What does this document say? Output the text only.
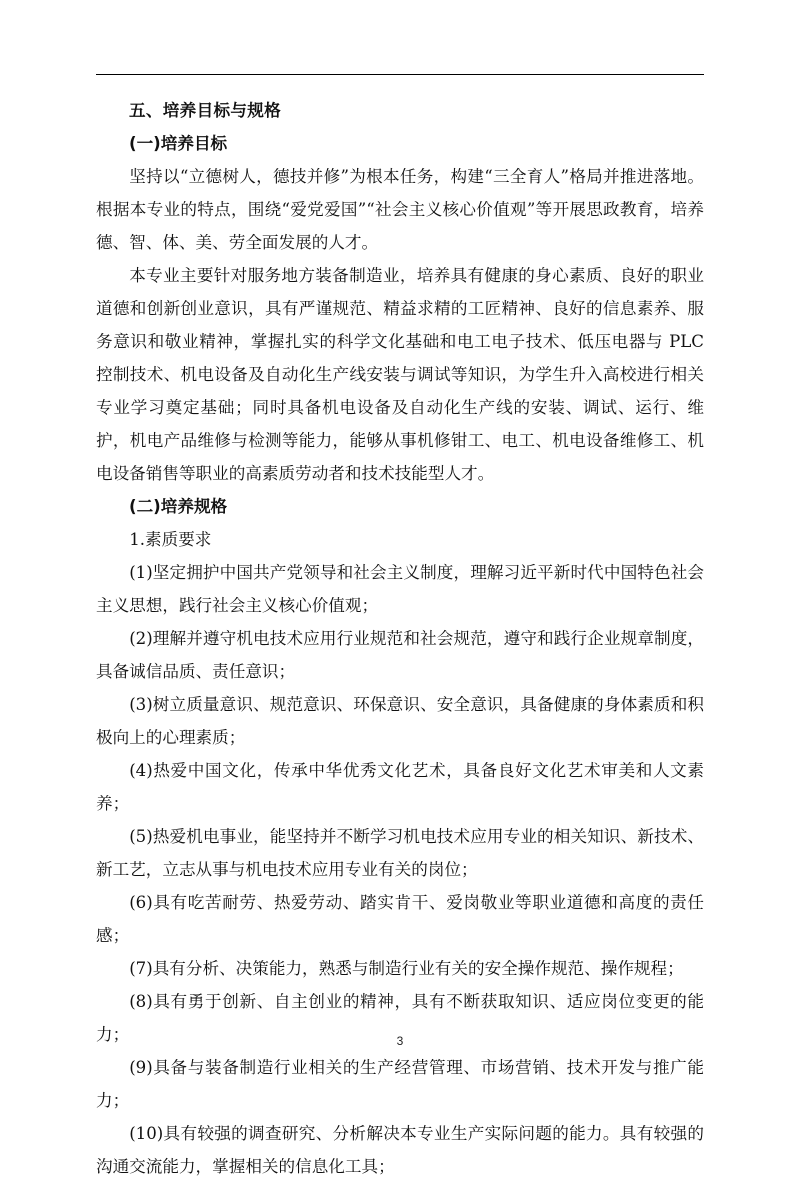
五、培养目标与规格

(一)培养目标

坚持以“立德树人，德技并修”为根本任务，构建“三全育人”格局并推进落地。根据本专业的特点，围绕“爱党爱国”“社会主义核心价值观”等开展思政教育，培养德、智、体、美、劳全面发展的人才。

本专业主要针对服务地方装备制造业，培养具有健康的身心素质、良好的职业道德和创新创业意识，具有严谨规范、精益求精的工匠精神、良好的信息素养、服务意识和敬业精神，掌握扎实的科学文化基础和电工电子技术、低压电器与 PLC 控制技术、机电设备及自动化生产线安装与调试等知识，为学生升入高校进行相关专业学习奠定基础；同时具备机电设备及自动化生产线的安装、调试、运行、维护，机电产品维修与检测等能力，能够从事机修钳工、电工、机电设备维修工、机电设备销售等职业的高素质劳动者和技术技能型人才。

(二)培养规格

1.素质要求

(1)坚定拥护中国共产党领导和社会主义制度，理解习近平新时代中国特色社会主义思想，践行社会主义核心价值观；

(2)理解并遵守机电技术应用行业规范和社会规范，遵守和践行企业规章制度，具备诚信品质、责任意识；

(3)树立质量意识、规范意识、环保意识、安全意识，具备健康的身体素质和积极向上的心理素质；

(4)热爱中国文化，传承中华优秀文化艺术，具备良好文化艺术审美和人文素养；

(5)热爱机电事业，能坚持并不断学习机电技术应用专业的相关知识、新技术、新工艺，立志从事与机电技术应用专业有关的岗位；

(6)具有吃苦耐劳、热爱劳动、踏实肯干、爱岗敬业等职业道德和高度的责任感；

(7)具有分析、决策能力，熟悉与制造行业有关的安全操作规范、操作规程；

(8)具有勇于创新、自主创业的精神，具有不断获取知识、适应岗位变更的能力；

(9)具备与装备制造行业相关的生产经营管理、市场营销、技术开发与推广能力；

(10)具有较强的调查研究、分析解决本专业生产实际问题的能力。具有较强的沟通交流能力，掌握相关的信息化工具；

3
